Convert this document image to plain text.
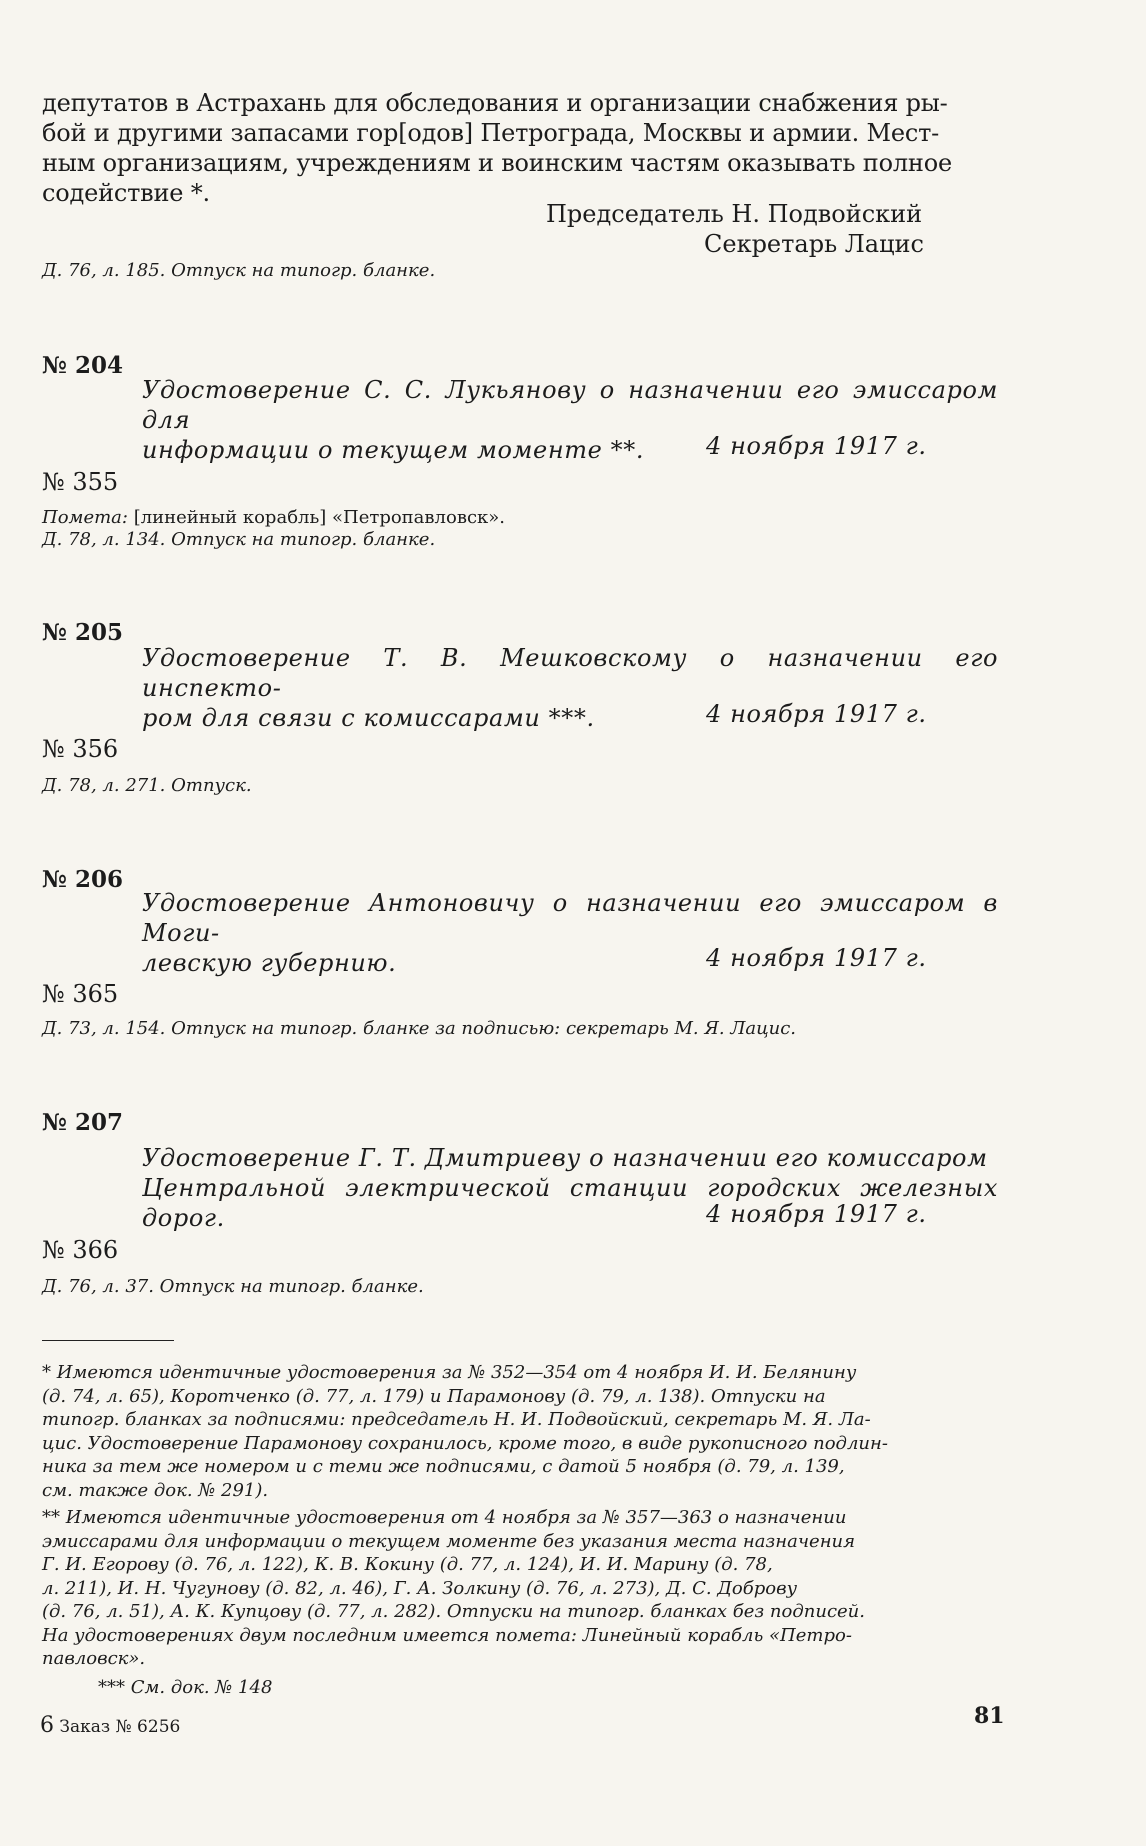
депутатов в Астрахань для обследования и организации снабжения ры-
бой и другими запасами гор[одов] Петрограда, Москвы и армии. Мест-
ным организациям, учреждениям и воинским частям оказывать полное
содействие *.
Председатель Н. Подвойский
Секретарь Лацис
Д. 76, л. 185. Отпуск на типогр. бланке.
№ 204
Удостоверение С. С. Лукьянову о назначении его эмиссаром для
информации о текущем моменте **.	4 ноября 1917 г.
№ 355
Помета: [линейный корабль] «Петропавловск».
Д. 78, л. 134. Отпуск на типогр. бланке.
№ 205
Удостоверение Т. В. Мешковскому о назначении его инспекто-
ром для связи с комиссарами ***.	4 ноября 1917 г.
№ 356
Д. 78, л. 271. Отпуск.
№ 206
Удостоверение Антоновичу о назначении его эмиссаром в Моги-
левскую губернию.	4 ноября 1917 г.
№ 365
Д. 73, л. 154. Отпуск на типогр. бланке за подписью: секретарь М. Я. Лацис.
№ 207
Удостоверение Г. Т. Дмитриеву о назначении его комиссаром
Центральной электрической станции городских железных дорог.	4 ноября 1917 г.
№ 366
Д. 76, л. 37. Отпуск на типогр. бланке.
* Имеются идентичные удостоверения за № 352—354 от 4 ноября И. И. Белянину
(д. 74, л. 65), Коротченко (д. 77, л. 179) и Парамонову (д. 79, л. 138). Отпуски на
типогр. бланках за подписями: председатель Н. И. Подвойский, секретарь М. Я. Ла-
цис. Удостоверение Парамонову сохранилось, кроме того, в виде рукописного подлин-
ника за тем же номером и с теми же подписями, с датой 5 ноября (д. 79, л. 139,
см. также док. № 291).
** Имеются идентичные удостоверения от 4 ноября за № 357—363 о назначении
эмиссарами для информации о текущем моменте без указания места назначения
Г. И. Егорову (д. 76, л. 122), К. В. Кокину (д. 77, л. 124), И. И. Марину (д. 78,
л. 211), И. Н. Чугунову (д. 82, л. 46), Г. А. Золкину (д. 76, л. 273), Д. С. Доброву
(д. 76, л. 51), А. К. Купцову (д. 77, л. 282). Отпуски на типогр. бланках без подписей.
На удостоверениях двум последним имеется помета: Линейный корабль «Петро-
павловск».
*** См. док. № 148
6 Заказ № 6256	81
